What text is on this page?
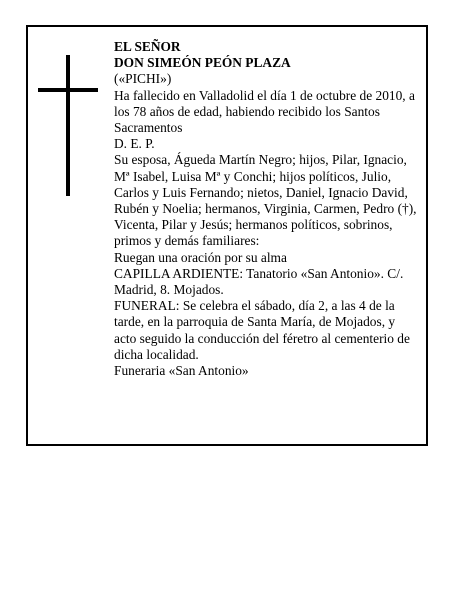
EL SEÑOR

DON SIMEÓN PEÓN PLAZA

(«PICHI»)

Ha fallecido en Valladolid el día 1 de octubre de 2010, a los 78 años de edad, habiendo recibido los Santos Sacramentos

D. E. P.

Su esposa, Águeda Martín Negro; hijos, Pilar, Ignacio, Mª Isabel, Luisa Mª y Conchi; hijos políticos, Julio, Carlos y Luis Fernando; nietos, Daniel, Ignacio David, Rubén y Noelia; hermanos, Virginia, Carmen, Pedro (†), Vicenta, Pilar y Jesús; hermanos políticos, sobrinos, primos y demás familiares:

Ruegan una oración por su alma

CAPILLA ARDIENTE: Tanatorio «San Antonio». C/. Madrid, 8. Mojados.

FUNERAL: Se celebra el sábado, día 2, a las 4 de la tarde, en la parroquia de Santa María, de Mojados, y acto seguido la conducción del féretro al cementerio de dicha localidad.

Funeraria «San Antonio»
